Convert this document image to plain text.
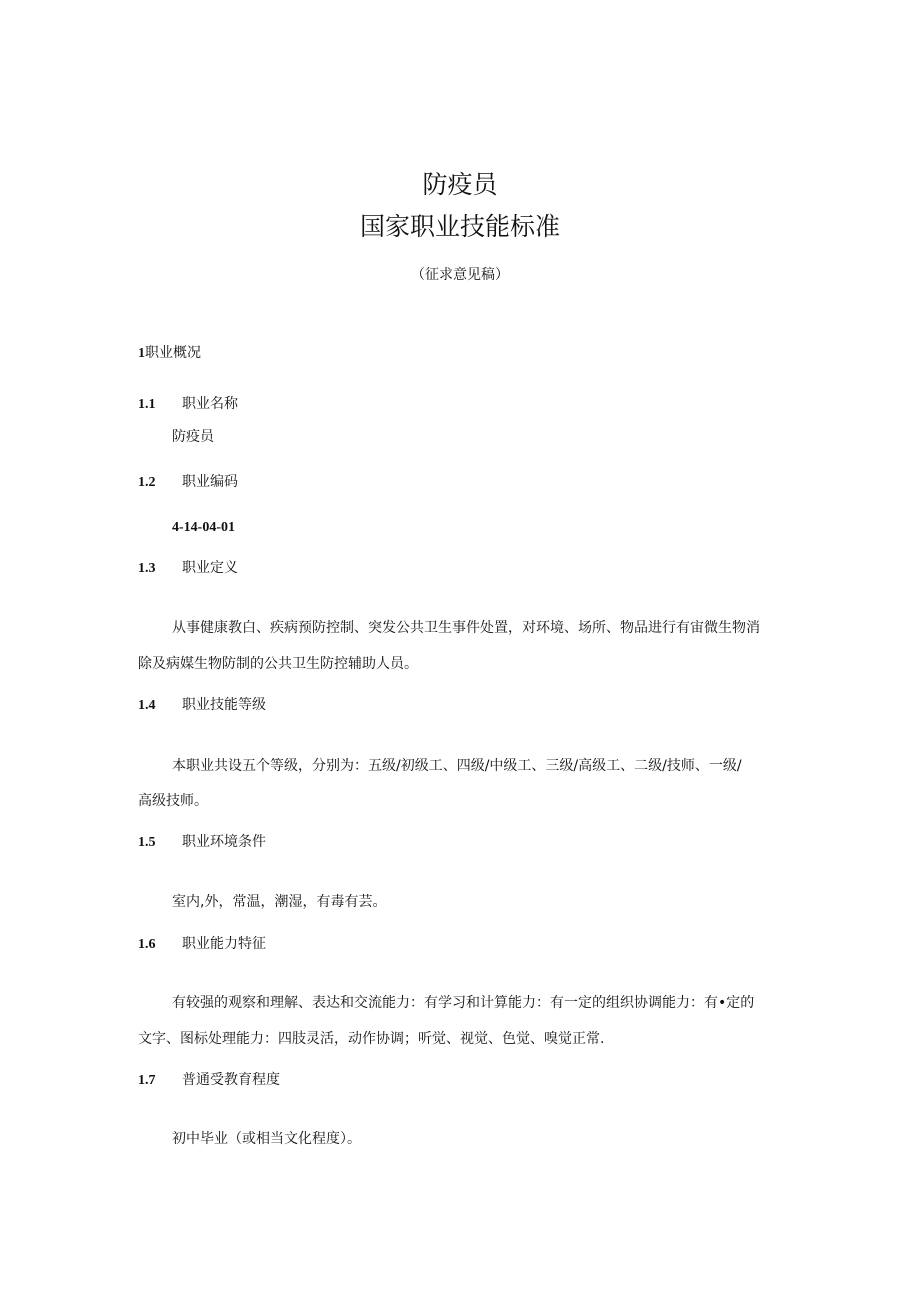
防疫员
国家职业技能标准
（征求意见稿）
1职业概况
1.1 职业名称
防疫员
1.2 职业编码
4-14-04-01
1.3 职业定义
从事健康教白、疾病预防控制、突发公共卫生事件处置，对环境、场所、物品进行有宙微生物消
除及病媒生物防制的公共卫生防控辅助人员。
1.4 职业技能等级
本职业共设五个等级，分别为：五级/初级工、四级/中级工、三级/高级工、二级/技师、一级/
高级技师。
1.5 职业环境条件
室内,外，常温，潮湿，有毒有芸。
1.6 职业能力特征
有较强的观察和理解、表达和交流能力：有学习和计算能力：有一定的组织协调能力：有•定的
文字、图标处理能力：四肢灵活，动作协调；听觉、视觉、色觉、嗅觉正常.
1.7 普通受教育程度
初中毕业（或相当文化程度）。
